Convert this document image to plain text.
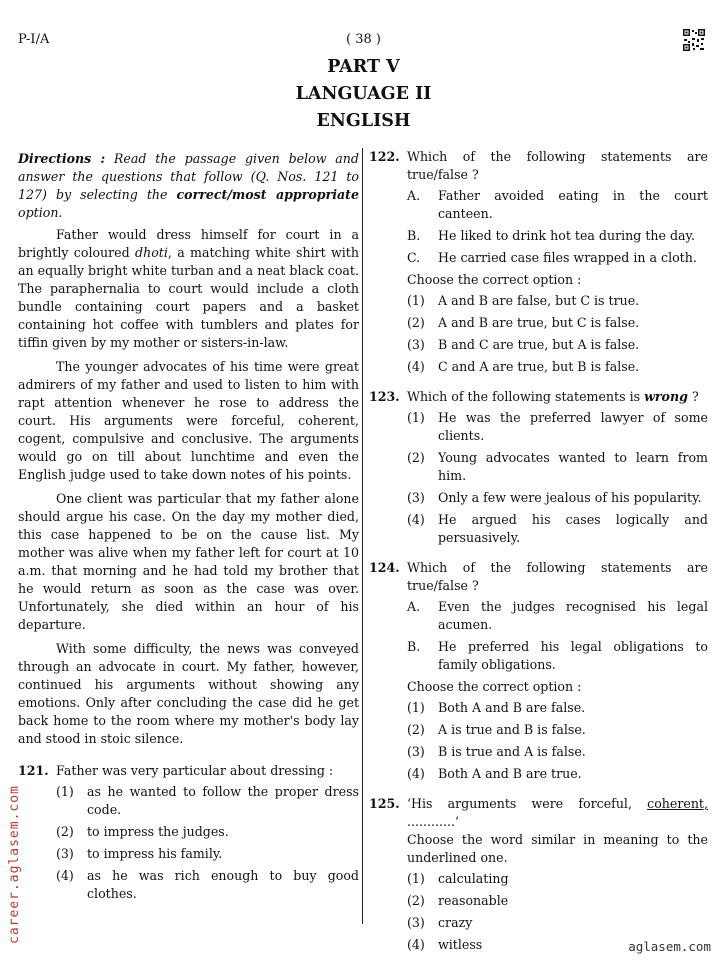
P-I/A	( 38 )
PART V
LANGUAGE II
ENGLISH
Directions : Read the passage given below and answer the questions that follow (Q. Nos. 121 to 127) by selecting the correct/most appropriate option.

Father would dress himself for court in a brightly coloured dhoti, a matching white shirt with an equally bright white turban and a neat black coat. The paraphernalia to court would include a cloth bundle containing court papers and a basket containing hot coffee with tumblers and plates for tiffin given by my mother or sisters-in-law.

The younger advocates of his time were great admirers of my father and used to listen to him with rapt attention whenever he rose to address the court. His arguments were forceful, coherent, cogent, compulsive and conclusive. The arguments would go on till about lunchtime and even the English judge used to take down notes of his points.

One client was particular that my father alone should argue his case. On the day my mother died, this case happened to be on the cause list. My mother was alive when my father left for court at 10 a.m. that morning and he had told my brother that he would return as soon as the case was over. Unfortunately, she died within an hour of his departure.

With some difficulty, the news was conveyed through an advocate in court. My father, however, continued his arguments without showing any emotions. Only after concluding the case did he get back home to the room where my mother's body lay and stood in stoic silence.

121. Father was very particular about dressing :
(1)	as he wanted to follow the proper dress code.
(2)	to impress the judges.
(3)	to impress his family.
(4)	as he was rich enough to buy good clothes.
122. Which of the following statements are true/false ?
A.	Father avoided eating in the court canteen.
B.	He liked to drink hot tea during the day.
C.	He carried case files wrapped in a cloth.
Choose the correct option :
(1)	A and B are false, but C is true.
(2)	A and B are true, but C is false.
(3)	B and C are true, but A is false.
(4)	C and A are true, but B is false.
123. Which of the following statements is wrong ?
(1)	He was the preferred lawyer of some clients.
(2)	Young advocates wanted to learn from him.
(3)	Only a few were jealous of his popularity.
(4)	He argued his cases logically and persuasively.
124. Which of the following statements are true/false ?
A.	Even the judges recognised his legal acumen.
B.	He preferred his legal obligations to family obligations.
Choose the correct option :
(1)	Both A and B are false.
(2)	A is true and B is false.
(3)	B is true and A is false.
(4)	Both A and B are true.
125. ‘His arguments were forceful, coherent, ............’
Choose the word similar in meaning to the underlined one.
(1)	calculating
(2)	reasonable
(3)	crazy
(4)	witless
career.aglasem.com
aglasem.com
